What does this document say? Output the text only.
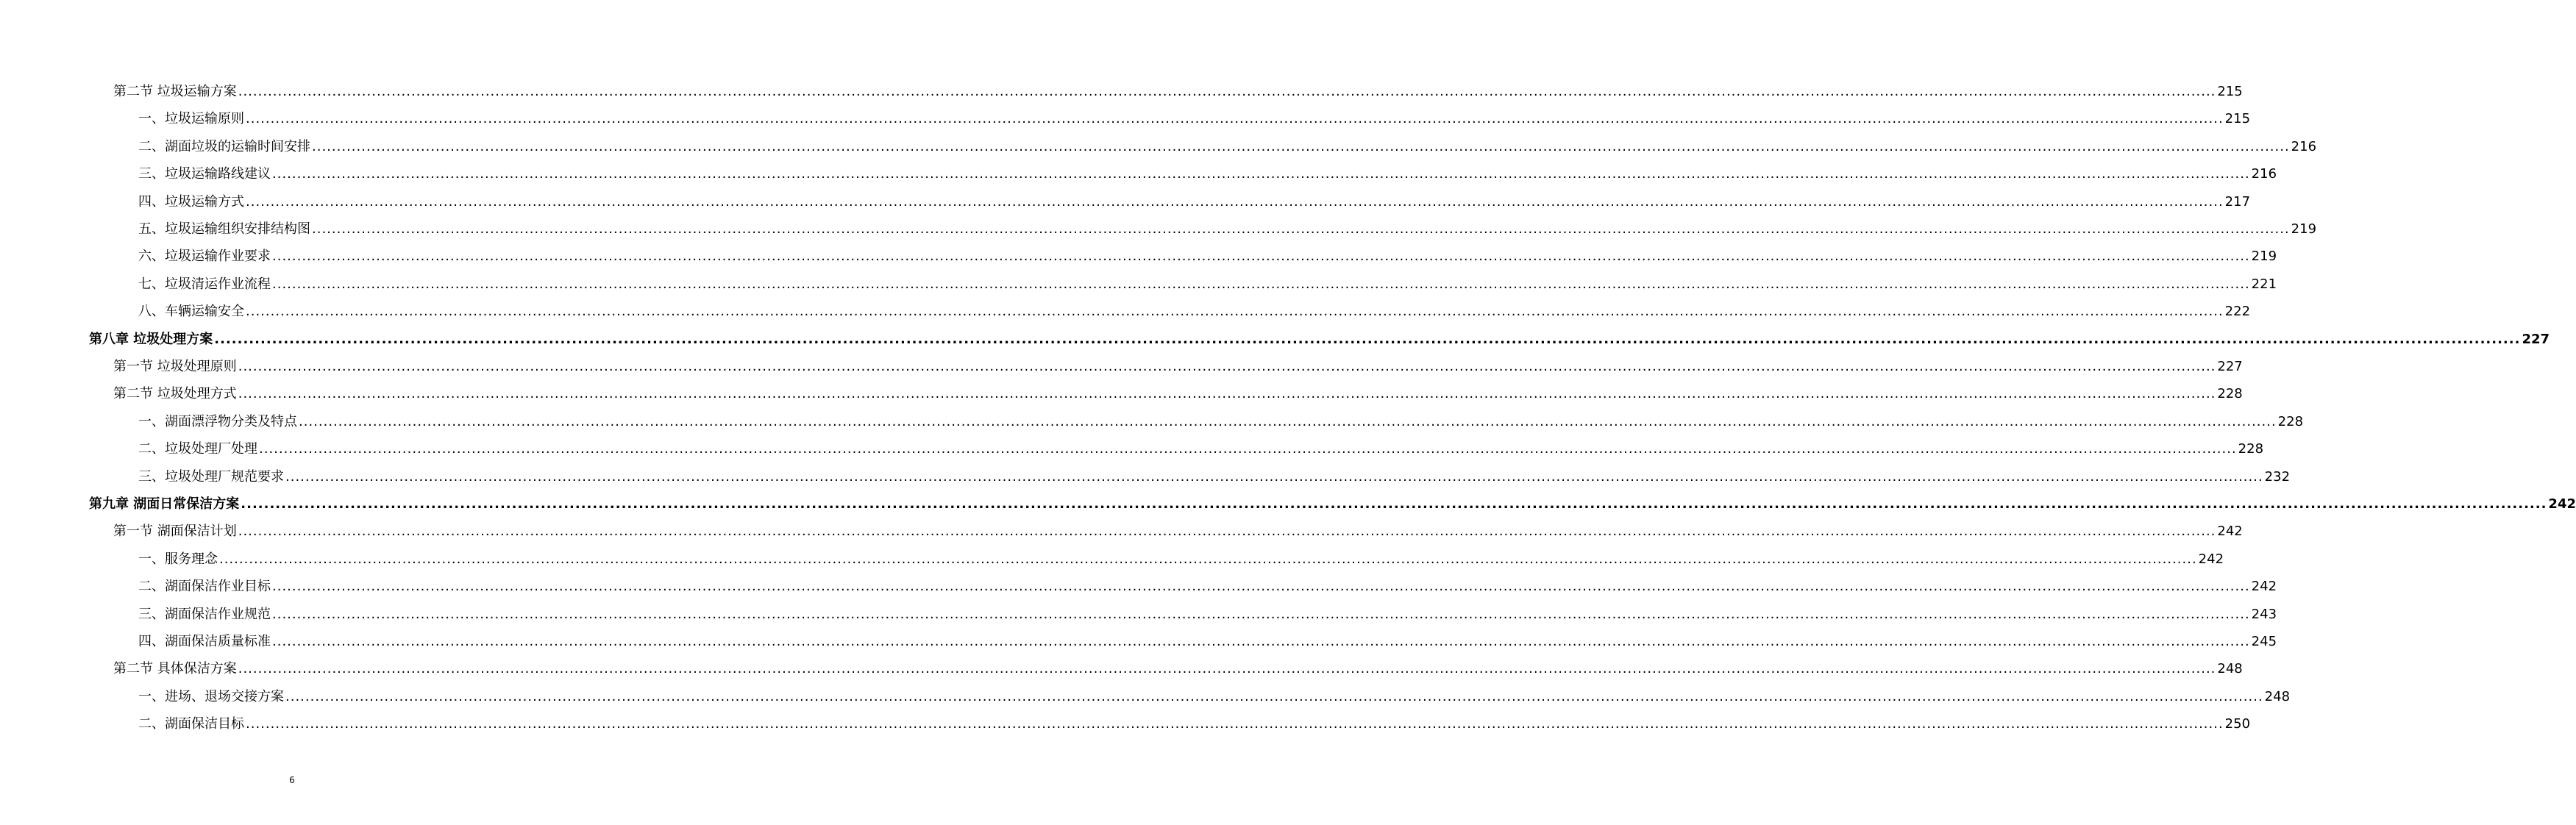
第二节 垃圾运输方案 ................................................................................................................................................................................................................................................................................................................................................................................................................ 215
一、垃圾运输原则 ................................................................................................................................................................................................................................................................................................................................................................................................................ 215
二、湖面垃圾的运输时间安排 ................................................................................................................................................................................................................................................................................................................................................................................................................ 216
三、垃圾运输路线建议 ................................................................................................................................................................................................................................................................................................................................................................................................................ 216
四、垃圾运输方式 ................................................................................................................................................................................................................................................................................................................................................................................................................ 217
五、垃圾运输组织安排结构图 ................................................................................................................................................................................................................................................................................................................................................................................................................ 219
六、垃圾运输作业要求 ................................................................................................................................................................................................................................................................................................................................................................................................................ 219
七、垃圾清运作业流程 ................................................................................................................................................................................................................................................................................................................................................................................................................ 221
八、车辆运输安全 ................................................................................................................................................................................................................................................................................................................................................................................................................ 222
第八章 垃圾处理方案 ................................................................................................................................................................................................................................................................................................................................................................................................................ 227
第一节 垃圾处理原则 ................................................................................................................................................................................................................................................................................................................................................................................................................ 227
第二节 垃圾处理方式 ................................................................................................................................................................................................................................................................................................................................................................................................................ 228
一、湖面漂浮物分类及特点 ................................................................................................................................................................................................................................................................................................................................................................................................................ 228
二、垃圾处理厂处理 ................................................................................................................................................................................................................................................................................................................................................................................................................ 228
三、垃圾处理厂规范要求 ................................................................................................................................................................................................................................................................................................................................................................................................................ 232
第九章 湖面日常保洁方案 ................................................................................................................................................................................................................................................................................................................................................................................................................ 242
第一节 湖面保洁计划 ................................................................................................................................................................................................................................................................................................................................................................................................................ 242
一、服务理念 ................................................................................................................................................................................................................................................................................................................................................................................................................ 242
二、湖面保洁作业目标 ................................................................................................................................................................................................................................................................................................................................................................................................................ 242
三、湖面保洁作业规范 ................................................................................................................................................................................................................................................................................................................................................................................................................ 243
四、湖面保洁质量标准 ................................................................................................................................................................................................................................................................................................................................................................................................................ 245
第二节 具体保洁方案 ................................................................................................................................................................................................................................................................................................................................................................................................................ 248
一、进场、退场交接方案 ................................................................................................................................................................................................................................................................................................................................................................................................................ 248
二、湖面保洁目标 ................................................................................................................................................................................................................................................................................................................................................................................................................ 250
6
